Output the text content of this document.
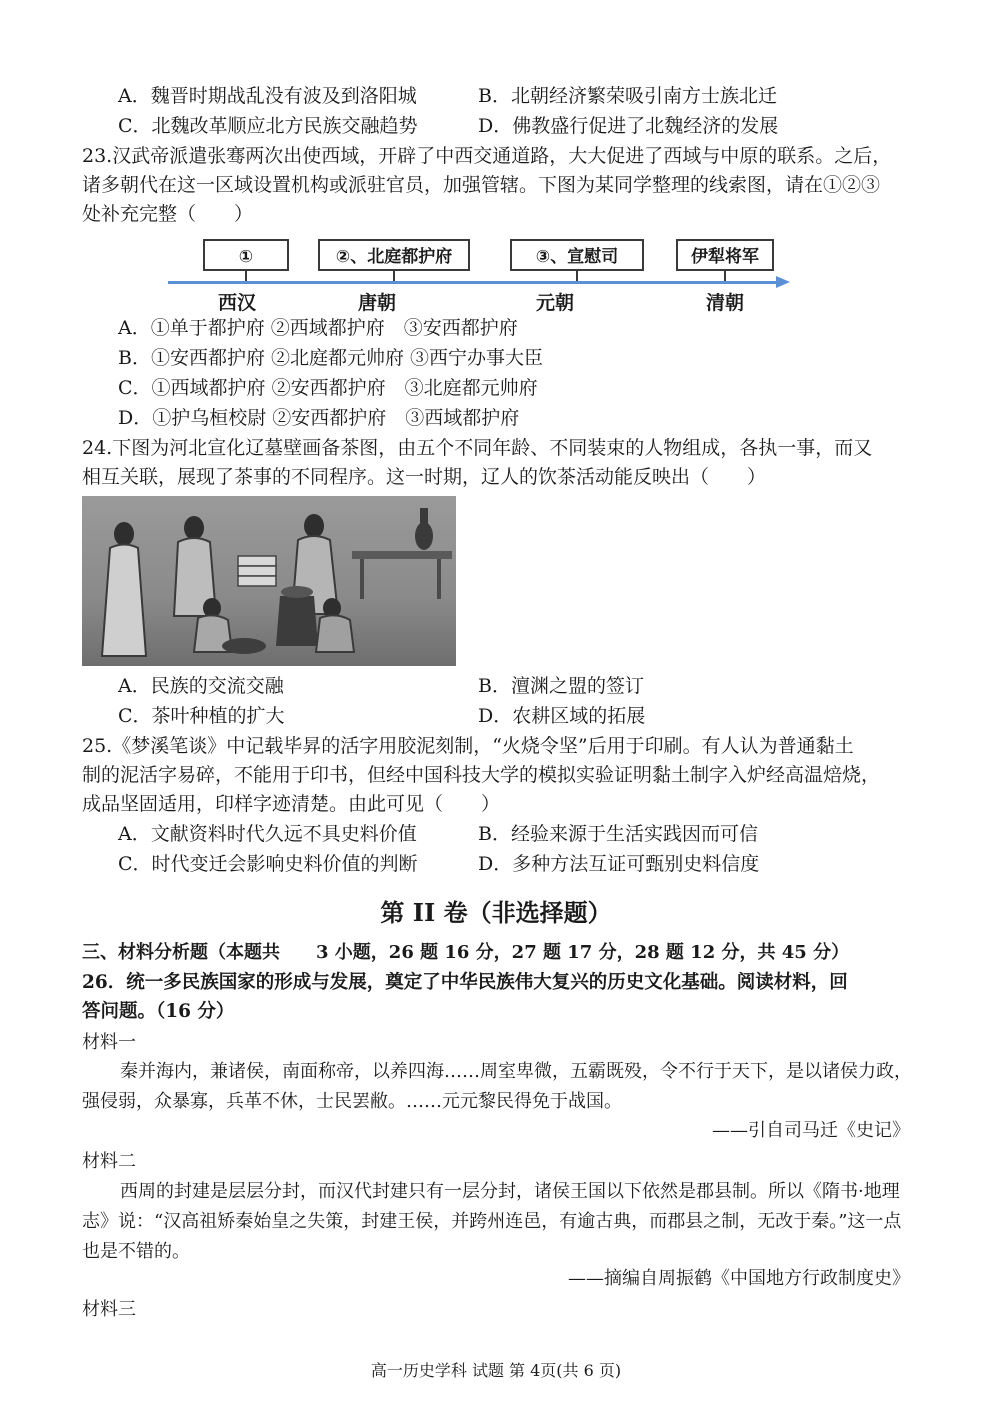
A．魏晋时期战乱没有波及到洛阳城	B．北朝经济繁荣吸引南方士族北迁
C．北魏改革顺应北方民族交融趋势	D．佛教盛行促进了北魏经济的发展
23.汉武帝派遣张骞两次出使西域，开辟了中西交通道路，大大促进了西域与中原的联系。之后，
诸多朝代在这一区域设置机构或派驻官员，加强管辖。下图为某同学整理的线索图，请在①②③
处补充完整（　　）
①	②、北庭都护府	③、宣慰司	伊犁将军
西汉	唐朝	元朝	清朝
A．①单于都护府 ②西域都护府　③安西都护府
B．①安西都护府 ②北庭都元帅府 ③西宁办事大臣
C．①西域都护府 ②安西都护府　③北庭都元帅府
D．①护乌桓校尉 ②安西都护府　③西域都护府
24.下图为河北宣化辽墓壁画备茶图，由五个不同年龄、不同装束的人物组成，各执一事，而又
相互关联，展现了茶事的不同程序。这一时期，辽人的饮茶活动能反映出（　　）
A．民族的交流交融	B．澶渊之盟的签订
C．茶叶种植的扩大	D．农耕区域的拓展
25.《梦溪笔谈》中记载毕昇的活字用胶泥刻制，“火烧令坚”后用于印刷。有人认为普通黏土
制的泥活字易碎，不能用于印书，但经中国科技大学的模拟实验证明黏土制字入炉经高温焙烧，
成品坚固适用，印样字迹清楚。由此可见（　　）
A．文献资料时代久远不具史料价值	B．经验来源于生活实践因而可信
C．时代变迁会影响史料价值的判断	D．多种方法互证可甄别史料信度
第 II 卷（非选择题）
三、材料分析题（本题共　　3 小题，26 题 16 分，27 题 17 分，28 题 12 分，共 45 分）
26．统一多民族国家的形成与发展，奠定了中华民族伟大复兴的历史文化基础。阅读材料，回
答问题。（16 分）
材料一
秦并海内，兼诸侯，南面称帝，以养四海……周室卑微，五霸既殁，令不行于天下，是以诸侯力政，强侵弱，众暴寡，兵革不休，士民罢敝。……元元黎民得免于战国。
——引自司马迁《史记》
材料二
西周的封建是层层分封，而汉代封建只有一层分封，诸侯王国以下依然是郡县制。所以《隋书·地理志》说：“汉高祖矫秦始皇之失策，封建王侯，并跨州连邑，有逾古典，而郡县之制，无改于秦。”这一点也是不错的。
——摘编自周振鹤《中国地方行政制度史》
材料三
高一历史学科 试题 第 4页(共 6 页)
